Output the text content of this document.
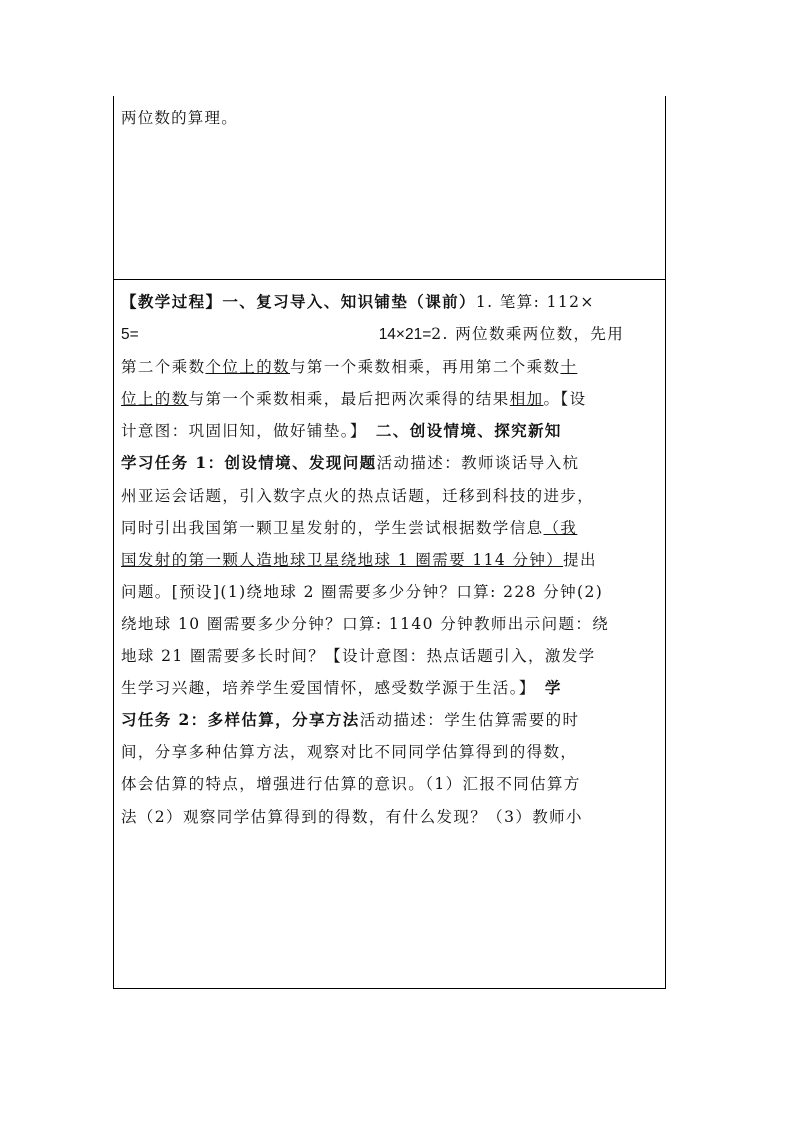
两位数的算理。
【教学过程】一、复习导入、知识铺垫（课前）1. 笔算: 112×
5=	14×21=2. 两位数乘两位数，先用
第二个乘数个位上的数与第一个乘数相乘，再用第二个乘数十
位上的数与第一个乘数相乘，最后把两次乘得的结果相加。【设
计意图：巩固旧知，做好铺垫。】　二、创设情境、探究新知
学习任务 1：创设情境、发现问题活动描述：教师谈话导入杭
州亚运会话题，引入数字点火的热点话题，迁移到科技的进步，
同时引出我国第一颗卫星发射的，学生尝试根据数学信息（我
国发射的第一颗人造地球卫星绕地球 1 圈需要 114 分钟）提出
问题。[预设](1)绕地球 2 圈需要多少分钟？口算: 228 分钟(2)
绕地球 10 圈需要多少分钟？口算: 1140 分钟教师出示问题：绕
地球 21 圈需要多长时间？【设计意图：热点话题引入，激发学
生学习兴趣，培养学生爱国情怀，感受数学源于生活。】　学
习任务 2：多样估算，分享方法活动描述：学生估算需要的时
间，分享多种估算方法，观察对比不同同学估算得到的得数，
体会估算的特点，增强进行估算的意识。（1）汇报不同估算方
法（2）观察同学估算得到的得数，有什么发现？（3）教师小
